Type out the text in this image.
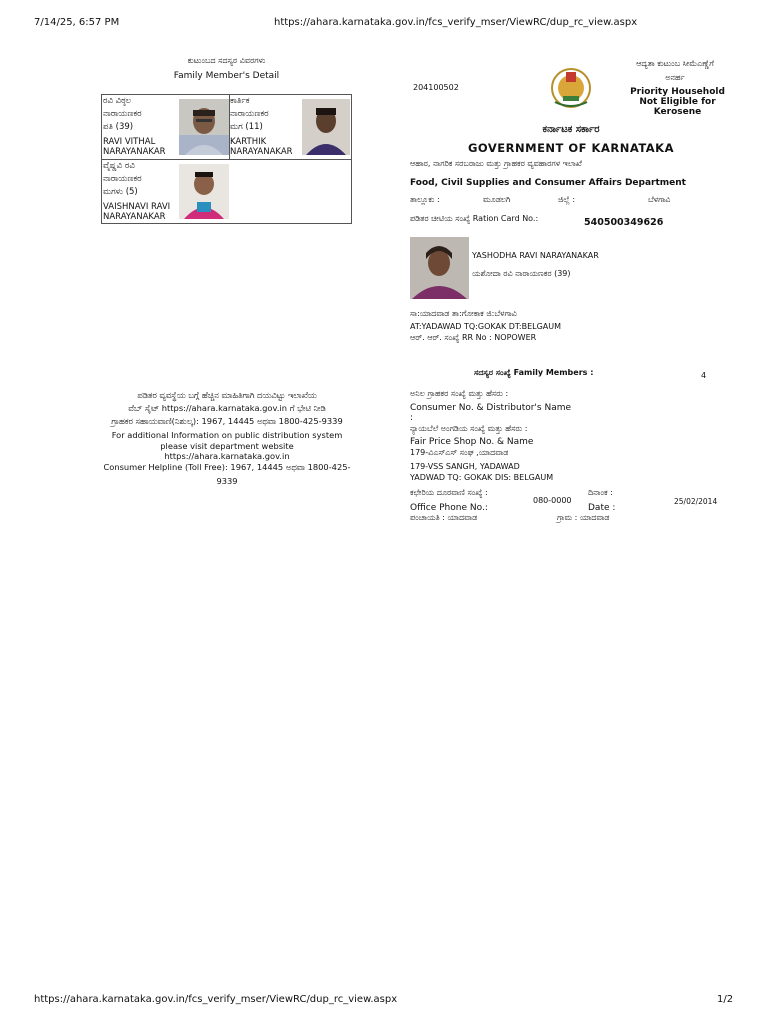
7/14/25, 6:57 PM	https://ahara.karnataka.gov.in/fcs_verify_mser/ViewRC/dup_rc_view.aspx
ಕುಟುಂಬದ ಸದಸ್ಯರ ವಿವರಗಳು
Family Member's Detail
ರವಿ ವಿಠ್ಠಲ
ನಾರಾಯಣಕರ
ಪತಿ (39)
RAVI VITHAL NARAYANAKAR
ಕಾರ್ತಿಕ
ನಾರಾಯಣಕರ
ಮಗ (11)
KARTHIK NARAYANAKAR
ವೈಷ್ಣವಿ ರವಿ
ನಾರಾಯಣಕರ
ಮಗಳು (5)
VAISHNAVI RAVI NARAYANAKAR
ಪಡಿತರ ವ್ಯವಸ್ಥೆಯ ಬಗ್ಗೆ ಹೆಚ್ಚಿನ ಮಾಹಿತಿಗಾಗಿ ದಯವಿಟ್ಟು ಇಲಾಖೆಯ
ವೆಬ್ ಸೈಟ್ https://ahara.karnataka.gov.in ಗೆ ಭೇಟಿ ನೀಡಿ
ಗ್ರಾಹಕರ ಸಹಾಯವಾಣಿ(ನಿಶುಲ್ಕ): 1967, 14445 ಅಥವಾ 1800-425-9339
For additional Information on public distribution system
please visit department website
https://ahara.karnataka.gov.in
Consumer Helpline (Toll Free): 1967, 14445 ಅಥವಾ 1800-425-
9339
204100502
ಆದ್ಯತಾ ಕುಟುಂಬ ಸೀಮೆಎಣ್ಣೆಗೆ
ಅನರ್ಹ
Priority Household Not Eligible for Kerosene
ಕರ್ನಾಟಕ ಸರ್ಕಾರ
GOVERNMENT OF KARNATAKA
ಆಹಾರ, ನಾಗರಿಕ ಸರಬರಾಜು ಮತ್ತು ಗ್ರಾಹಕರ ವ್ಯವಹಾರಗಳ ಇಲಾಖೆ
Food, Civil Supplies and Consumer Affairs Department
ತಾಲ್ಲೂಕು :	ಮೂಡಲಗಿ	ಜಿಲ್ಲೆ :	ಬೆಳಗಾವಿ
ಪಡಿತರ ಚೀಟಿಯ ಸಂಖ್ಯೆ Ration Card No.:	540500349626
YASHODHA RAVI NARAYANAKAR
ಯಶೋದಾ ರವಿ ನಾರಾಯಣಕರ (39)
ಸಾ:ಯಾದವಾಡ ತಾ:ಗೋಕಾಕ ಜಿ:ಬೆಳಗಾವಿ
AT:YADAWAD TQ:GOKAK DT:BELGAUM
ಆರ್. ಆರ್. ಸಂಖ್ಯೆ RR No : NOPOWER
ಸದಸ್ಯರ ಸಂಖ್ಯೆ Family Members :	4
ಅನಿಲ ಗ್ರಾಹಕರ ಸಂಖ್ಯೆ ಮತ್ತು ಹೆಸರು :
Consumer No. & Distributor's Name
:
ನ್ಯಾಯಬೆಲೆ ಅಂಗಡಿಯ ಸಂಖ್ಯೆ ಮತ್ತು ಹೆಸರು :
Fair Price Shop No. & Name
179-ವಿಎಸ್ಎಸ್ ಸಂಘ ,ಯಾದವಾಡ
179-VSS SANGH, YADAWAD
YADWAD TQ: GOKAK DIS: BELGAUM
ಕಛೇರಿಯ ದೂರವಾಣಿ ಸಂಖ್ಯೆ :
Office Phone No.:
080-0000
ದಿನಾಂಕ :
Date :
25/02/2014
ಪಂಚಾಯತಿ : ಯಾದವಾಡ	ಗ್ರಾಮ : ಯಾದವಾಡ
https://ahara.karnataka.gov.in/fcs_verify_mser/ViewRC/dup_rc_view.aspx	1/2
